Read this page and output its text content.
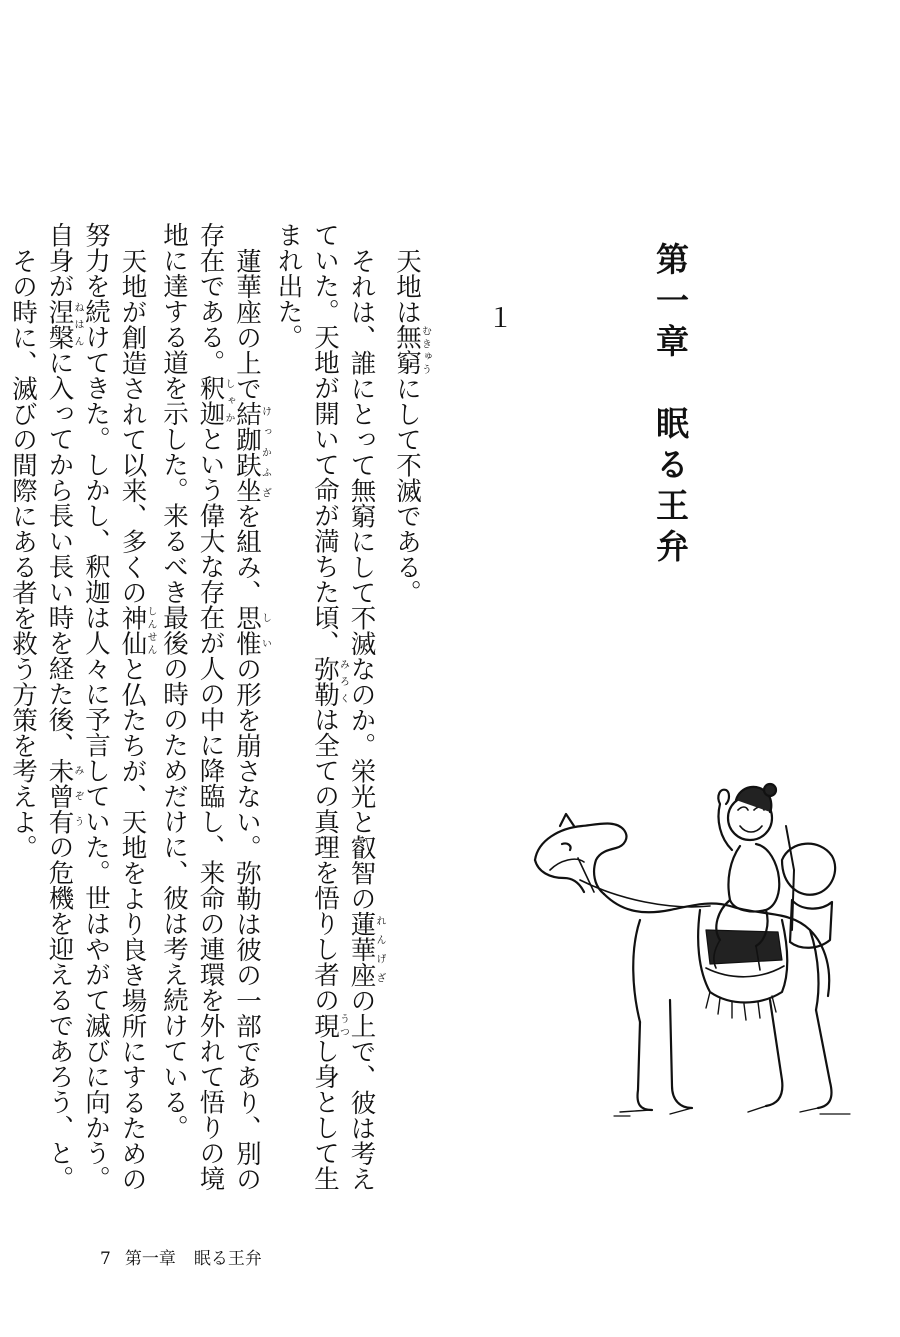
第一章　眠る王弁
１

天地は無窮むきゅうにして不滅である。

それは、誰にとって無窮にして不滅なのか。栄光と叡智の蓮華座れんげざの上で、彼は考えていた。天地が開いて命が満ちた頃、弥勒みろくは全ての真理を悟りし者の現うつし身として生まれ出た。

蓮華座の上で結跏趺坐けっかふざを組み、思惟しいの形を崩さない。弥勒は彼の一部であり、別の存在である。釈迦しゃかという偉大な存在が人の中に降臨し、来命の連環を外れて悟りの境地に達する道を示した。来るべき最後の時のためだけに、彼は考え続けている。

天地が創造されて以来、多くの神仙しんせんと仏たちが、天地をより良き場所にするための努力を続けてきた。しかし、釈迦は人々に予言していた。世はやがて滅びに向かう。自身が涅槃ねはんに入ってから長い長い時を経た後、未曾有みぞうの危機を迎えるであろう、と。

その時に、滅びの間際にある者を救う方策を考えよ。

7 第一章 眠る王弁
